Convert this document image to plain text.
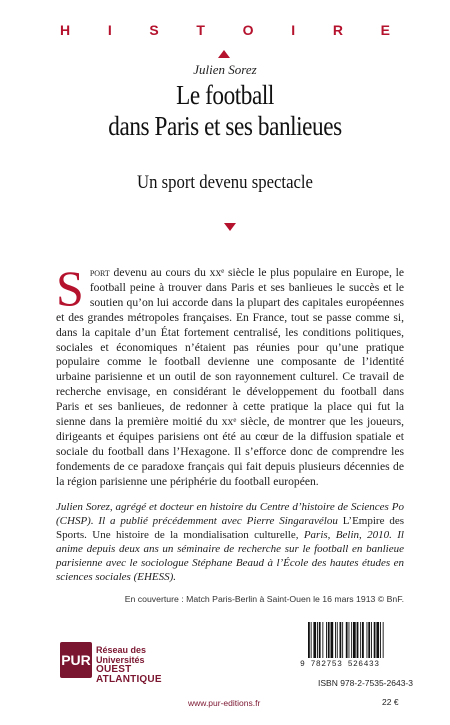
H	I	S	T	O	I	R	E
Julien Sorez
Le football
dans Paris et ses banlieues
Un sport devenu spectacle
Sport devenu au cours du xxᵉ siècle le plus populaire en Europe, le football peine à trouver dans Paris et ses banlieues le succès et le soutien qu’on lui accorde dans la plupart des capitales européennes et des grandes métropoles françaises. En France, tout se passe comme si, dans la capitale d’un État fortement centralisé, les conditions politiques, sociales et économiques n’étaient pas réunies pour qu’une pratique populaire comme le football devienne une composante de l’identité urbaine parisienne et un outil de son rayonnement culturel. Ce travail de recherche envisage, en considérant le développement du football dans Paris et ses banlieues, de redonner à cette pratique la place qui fut la sienne dans la première moitié du xxᵉ siècle, de montrer que les joueurs, dirigeants et équipes parisiens ont été au cœur de la diffusion spatiale et sociale du football dans l’Hexagone. Il s’efforce donc de comprendre les fondements de ce paradoxe français qui fait depuis plusieurs décennies de la région parisienne une périphérie du football européen.
Julien Sorez, agrégé et docteur en histoire du Centre d’histoire de Sciences Po (CHSP). Il a publié précédemment avec Pierre Singaravélou L’Empire des Sports. Une histoire de la mondialisation culturelle, Paris, Belin, 2010. Il anime depuis deux ans un séminaire de recherche sur le football en banlieue parisienne avec le sociologue Stéphane Beaud à l’École des hautes études en sciences sociales (EHESS).
En couverture : Match Paris-Berlin à Saint-Ouen le 16 mars 1913 © BnF.
PUR
Réseau des Universités
OUEST ATLANTIQUE
www.pur-editions.fr
9 782753 526433
ISBN 978-2-7535-2643-3
22 €
